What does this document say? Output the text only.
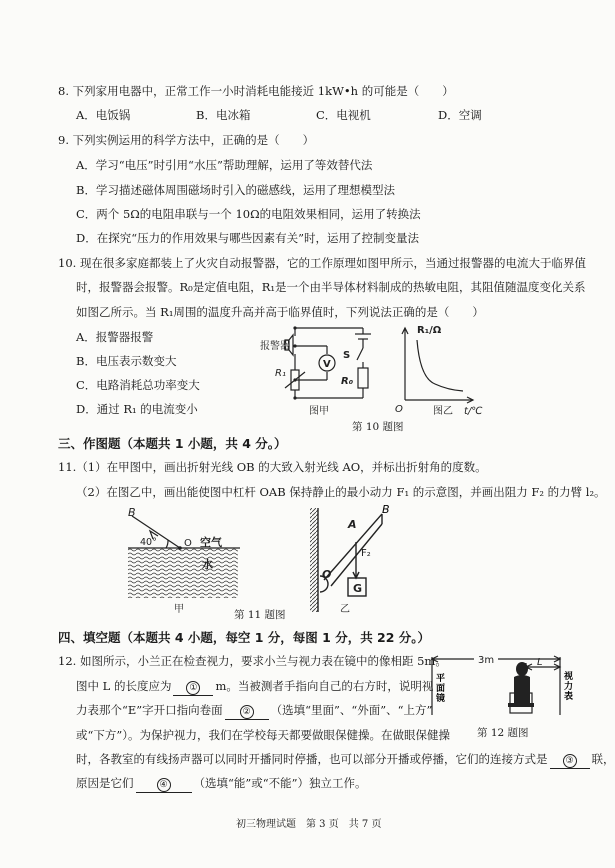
8. 下列家用电器中，正常工作一小时消耗电能接近 1kW•h 的可能是（　　）
A．电饭锅	B．电冰箱	C．电视机	D．空调
9. 下列实例运用的科学方法中，正确的是（　　）
A．学习“电压”时引用“水压”帮助理解，运用了等效替代法
B．学习描述磁体周围磁场时引入的磁感线，运用了理想模型法
C．两个 5Ω的电阻串联与一个 10Ω的电阻效果相同，运用了转换法
D．在探究“压力的作用效果与哪些因素有关”时，运用了控制变量法
10. 现在很多家庭都装上了火灾自动报警器，它的工作原理如图甲所示，当通过报警器的电流大于临界值
时，报警器会报警。R₀是定值电阻，R₁是一个由半导体材料制成的热敏电阻，其阻值随温度变化关系
如图乙所示。当 R₁周围的温度升高并高于临界值时，下列说法正确的是（　　）
A．报警器报警
B．电压表示数变大
C．电路消耗总功率变大
D．通过 R₁ 的电流变小
报警器
V
S
R₁
R₀
图甲
R₁/Ω
t/℃
O	图乙
第 10 题图
三、作图题（本题共 1 小题，共 4 分。）
11.（1）在甲图中，画出折射光线 OB 的大致入射光线 AO，并标出折射角的度数。
（2）在图乙中，画出能使图中杠杆 OAB 保持静止的最小动力 F₁ 的示意图，并画出阻力 F₂ 的力臂 l₂。
B
40°	O 空气
水
甲
A
O
F₂
G
乙
B
第 11 题图
四、填空题（本题共 4 小题，每空 1 分，每图 1 分，共 22 分。）
12. 如图所示，小兰正在检查视力，要求小兰与视力表在镜中的像相距 5m。
图中 L 的长度应为 ① m。当被测者手指向自己的右方时，说明视
力表那个“E”字开口指向卷面 ② （选填“里面”、“外面”、“上方”
或“下方”）。为保护视力，我们在学校每天都要做眼保健操。在做眼保健操
时，各教室的有线扬声器可以同时开播同时停播，也可以部分开播或停播，它们的连接方式是 ③ 联，
原因是它们	④ （选填“能”或“不能”）独立工作。
3m	L
平面镜
视力表
第 12 题图
初三物理试题　第 3 页　共 7 页
